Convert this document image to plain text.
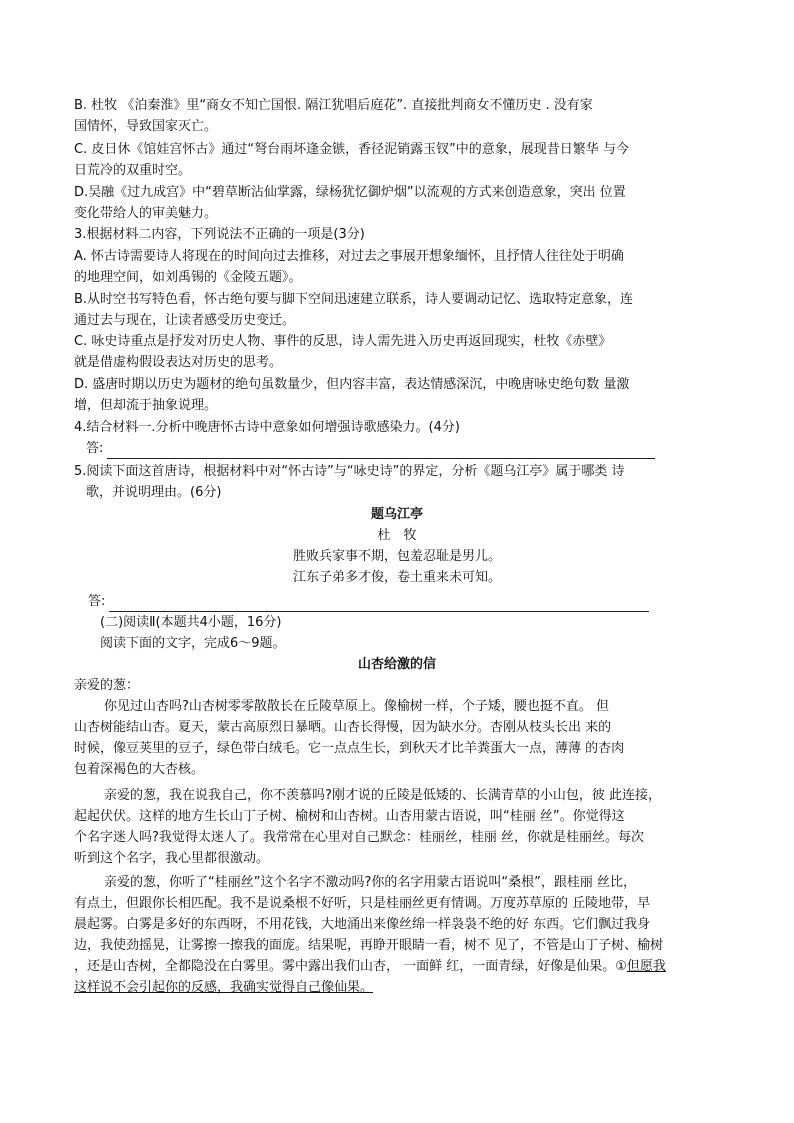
B. 杜牧 《泊秦淮》里“商女不知亡国恨. 隔江犹唱后庭花”. 直接批判商女不懂历史 . 没有家
国情怀，导致国家灭亡。
C. 皮日休《馆娃宫怀古》通过“弩台雨坏逢金镞，香径泥销露玉钗”中的意象，展现昔日繁华 与今
日荒冷的双重时空。
D.吴融《过九成宫》中“碧草断沾仙掌露，绿杨犹忆御炉烟”以流观的方式来创造意象，突出 位置
变化带给人的审美魅力。
3.根据材料二内容，下列说法不正确的一项是(3分)
A. 怀古诗需要诗人将现在的时间向过去推移，对过去之事展开想象缅怀，且抒情人往往处于明确
的地理空间，如刘禹锡的《金陵五题》。
B.从时空书写特色看，怀古绝句要与脚下空间迅速建立联系，诗人要调动记忆、选取特定意象，连
通过去与现在，让读者感受历史变迁。
C. 咏史诗重点是抒发对历史人物、事件的反思，诗人需先进入历史再返回现实，杜牧《赤壁》
就是借虚构假设表达对历史的思考。
D. 盛唐时期以历史为题材的绝句虽数量少，但内容丰富，表达情感深沉，中晚唐咏史绝句数 量激
增，但却流于抽象说理。
4.结合材料一.分析中晚唐怀古诗中意象如何增强诗歌感染力。(4分)
答:
5.阅读下面这首唐诗，根据材料中对“怀古诗”与“咏史诗”的界定，分析《题乌江亭》属于哪类 诗
歌，并说明理由。(6分)
题乌江亭
杜　牧
胜败兵家事不期，包羞忍耻是男儿。
江东子弟多才俊，卷土重来未可知。
答:
(二)阅读Ⅱ(本题共4小题，16分)
阅读下面的文字，完成6～9题。
山杏给激的信
亲爱的葱：
你见过山杏吗?山杏树零零散散长在丘陵草原上。像榆树一样，个子矮，腰也挺不直。 但
山杏树能结山杏。夏天，蒙古高原烈日暴晒。山杏长得慢，因为缺水分。杏刚从枝头长出 来的
时候，像豆荚里的豆子，绿色带白绒毛。它一点点生长，到秋天才比羊粪蛋大一点，薄薄 的杏肉
包着深褐色的大杏核。
亲爱的葱，我在说我自己，你不羡慕吗?刚才说的丘陵是低矮的、长满青草的小山包，彼 此连接，
起起伏伏。这样的地方生长山丁子树、榆树和山杏树。山杏用蒙古语说，叫“桂丽 丝”。你觉得这
个名字迷人吗?我觉得太迷人了。我常常在心里对自己默念：桂丽丝，桂丽 丝，你就是桂丽丝。每次
听到这个名字，我心里都很激动。
亲爱的葱，你听了“桂丽丝”这个名字不激动吗?你的名字用蒙古语说叫“桑根”，跟桂丽 丝比，
有点土，但跟你长相匹配。我不是说桑根不好听，只是桂丽丝更有情调。万度苏草原的 丘陵地带，早
晨起雾。白雾是多好的东西呀，不用花钱，大地涌出来像丝绵一样袅袅不绝的好 东西。它们飘过我身
边，我使劲摇晃，让雾擦一擦我的面庞。结果呢，再睁开眼睛一看，树不 见了，不管是山丁子树、榆树
，还是山杏树，全都隐没在白雾里。雾中露出我们山杏， 一面鲜 红，一面青绿，好像是仙果。①但愿我
这样说不会引起你的反感，我确实觉得自己像仙果。
